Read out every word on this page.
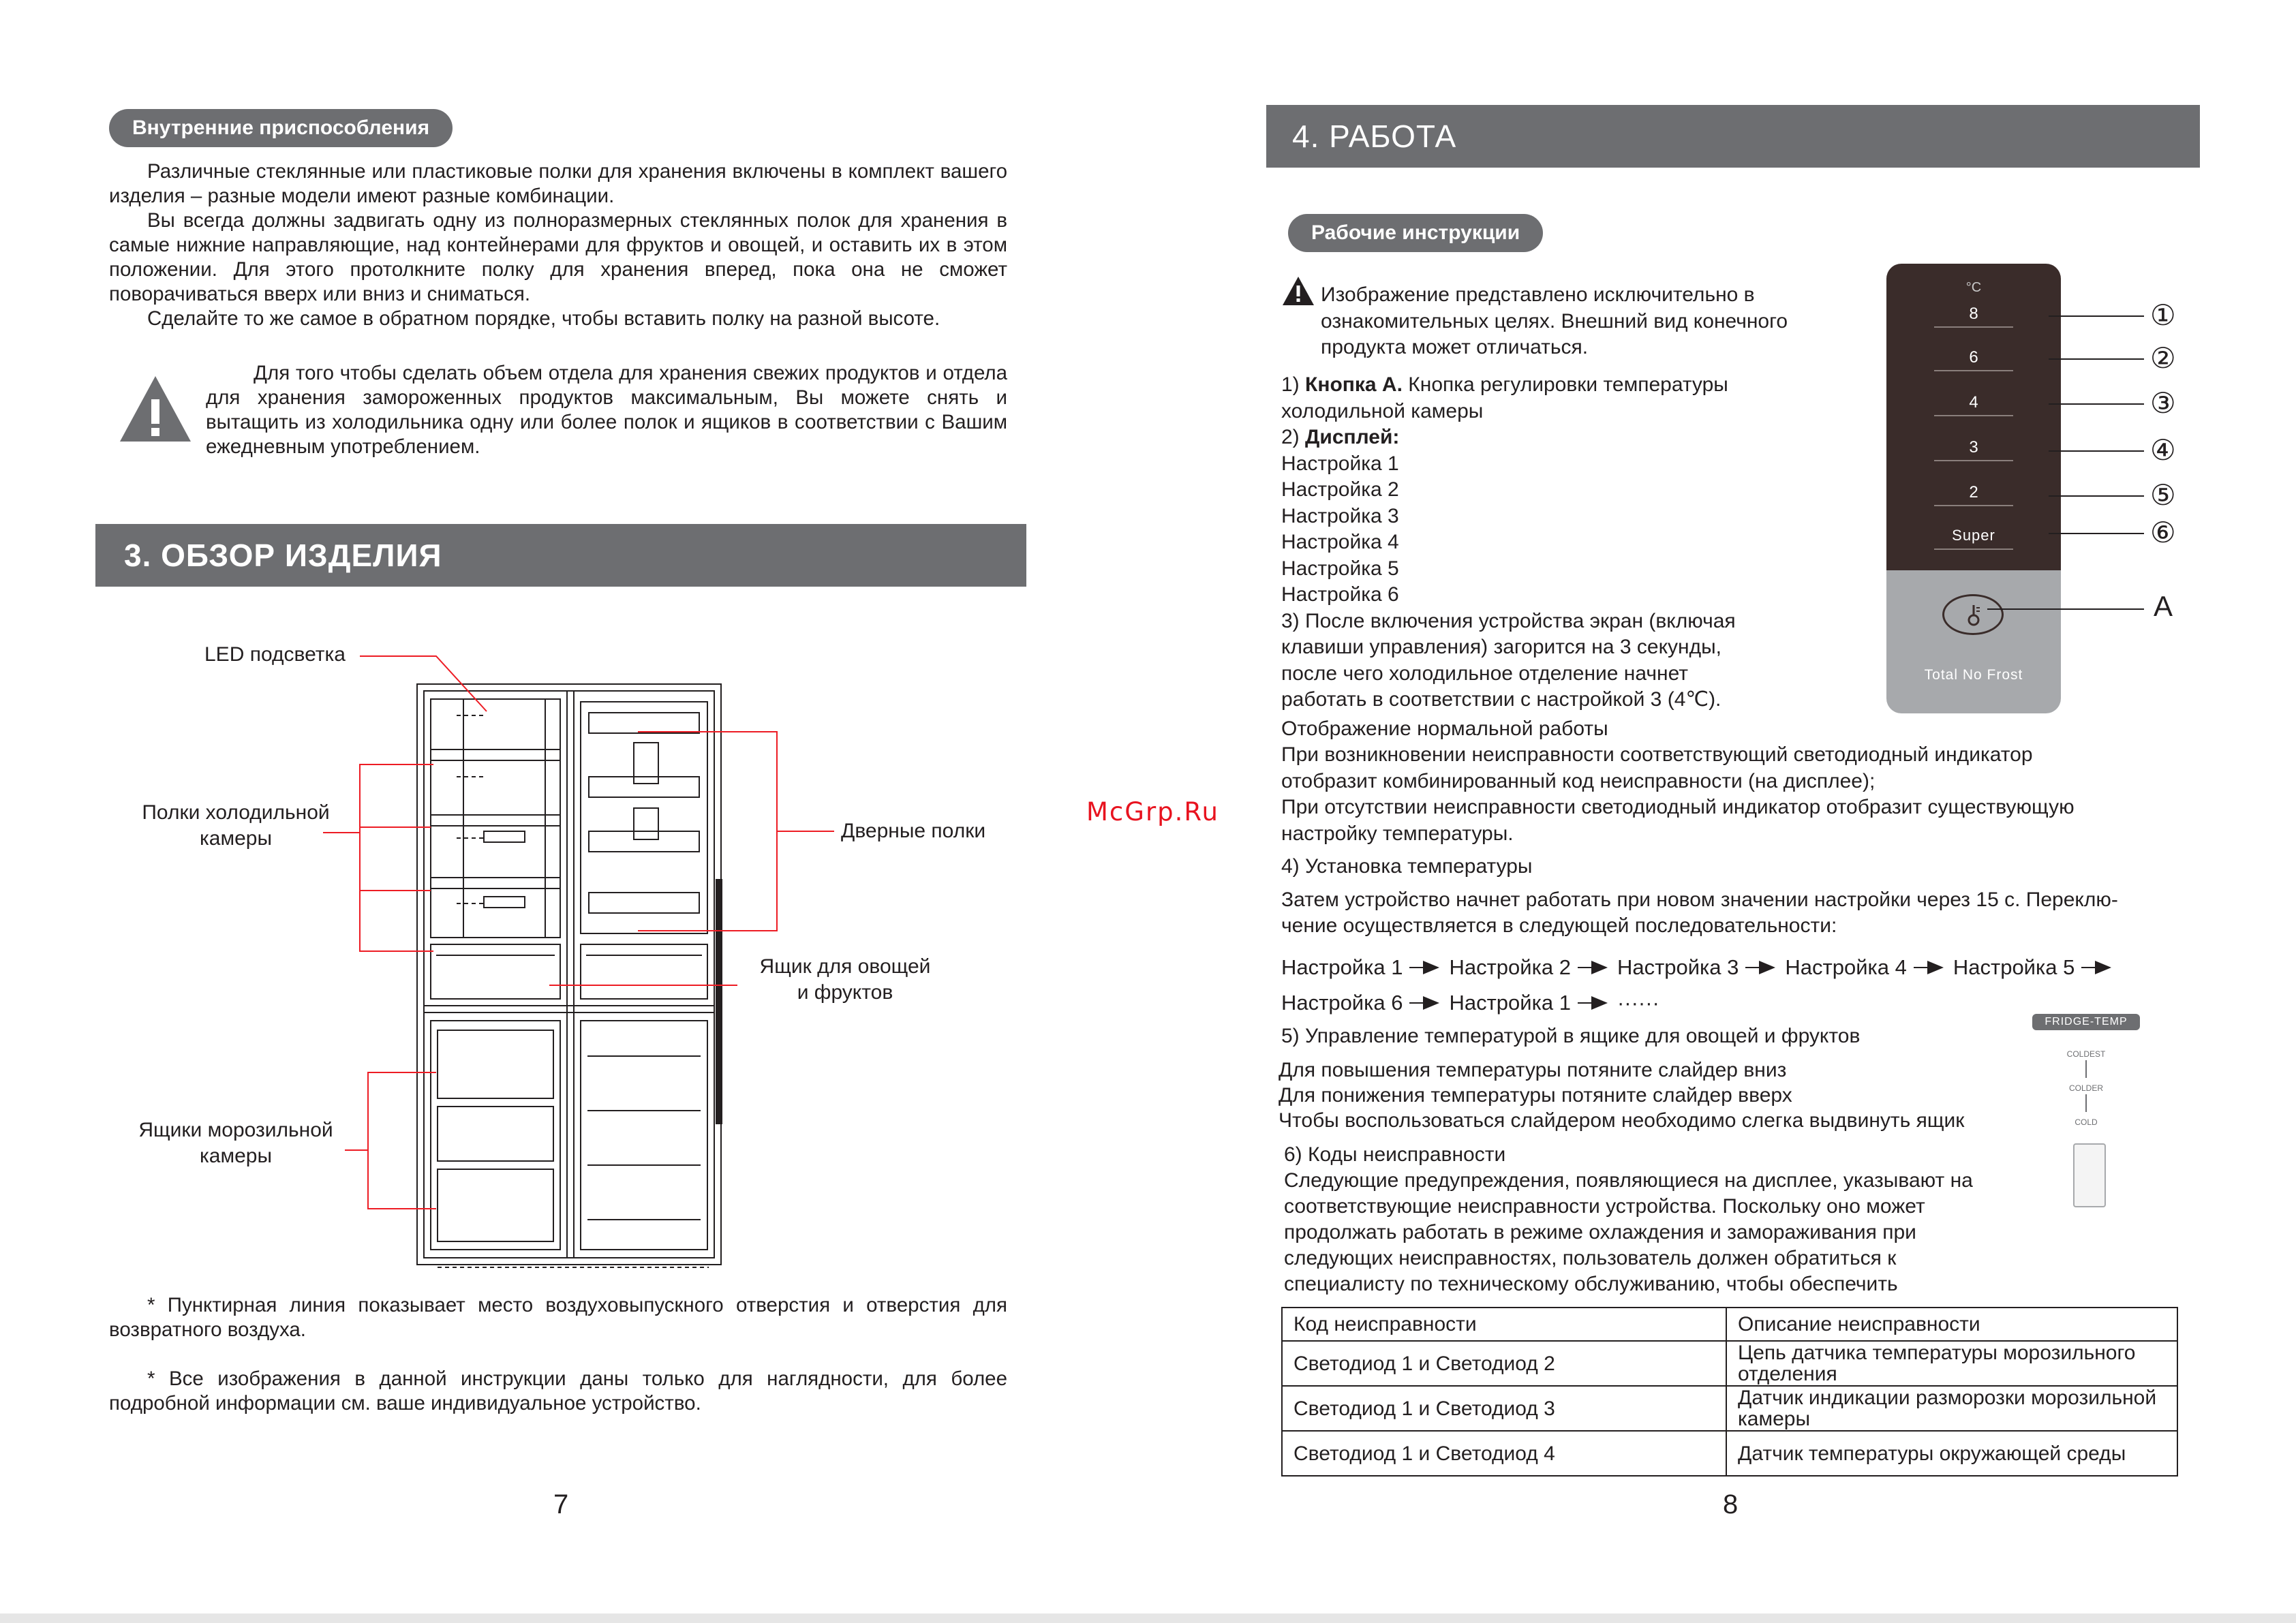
Внутренние приспособления

Различные стеклянные или пластиковые полки для хранения включены в комплект вашего изделия – разные модели имеют разные комбинации.

Вы всегда должны задвигать одну из полноразмерных стеклянных полок для хранения в самые нижние направляющие, над контейнерами для фруктов и овощей, и оставить их в этом положении. Для этого протолкните полку для хранения вперед, пока она не сможет поворачиваться вверх или вниз и сниматься.

Сделайте то же самое в обратном порядке, чтобы вставить полку на разной высоте.

Для того чтобы сделать объем отдела для хранения свежих продуктов и отдела для хранения замороженных продуктов максимальным, Вы можете снять и вытащить из холодильника одну или более полок и ящиков в соответствии с Вашим ежедневным употреблением.
3. ОБЗОР ИЗДЕЛИЯ
LED подсветка
Полки холодильной
камеры	Дверные полки
Ящик для овощей
и фруктов
Ящики морозильной
камеры
* Пунктирная линия показывает место воздуховыпускного отверстия и отверстия для возвратного воздуха.
* Все изображения в данной инструкции даны только для наглядности, для более подробной информации см. ваше индивидуальное устройство.
7
McGrp.Ru
4. РАБОТА
Рабочие инструкции
Изображение представлено исключительно в
ознакомительных целях. Внешний вид конечного
продукта может отличаться.
1) Кнопка А. Кнопка регулировки температуры
холодильной камеры
2) Дисплей:
Настройка 1
Настройка 2
Настройка 3
Настройка 4
Настройка 5
Настройка 6
3) После включения устройства экран (включая
клавиши управления) загорится на 3 секунды,
после чего холодильное отделение начнет
работать в соответствии с настройкой 3 (4℃).
Отображение нормальной работы
При возникновении неисправности соответствующий светодиодный индикатор
отобразит комбинированный код неисправности (на дисплее);
При отсутствии неисправности светодиодный индикатор отобразит существующую
настройку температуры.
4) Установка температуры
Затем устройство начнет работать при новом значении настройки через 15 с. Переклю-
чение осуществляется в следующей последовательности:
Настройка 1 Настройка 2 Настройка 3 Настройка 4 Настройка 5
Настройка 6 Настройка 1 ······
5) Управление температурой в ящике для овощей и фруктов
Для повышения температуры потяните слайдер вниз
Для понижения температуры потяните слайдер вверх
Чтобы воспользоваться слайдером необходимо слегка выдвинуть ящик
6) Коды неисправности
Следующие предупреждения, появляющиеся на дисплее, указывают на
соответствующие неисправности устройства. Поскольку оно может
продолжать работать в режиме охлаждения и замораживания при
следующих неисправностях, пользователь должен обратиться к
специалисту по техническому обслуживанию, чтобы обеспечить
FRIDGE-TEMP
COLDEST
COLDER
COLD
°C
8
6
4
3
2
Super
Total No Frost
①
②
③
④
⑤
⑥
A
Код неисправности	Описание неисправности
Светодиод 1 и Светодиод 2	Цепь датчика температуры морозильного отделения
Светодиод 1 и Светодиод 3	Датчик индикации разморозки морозильной камеры
Светодиод 1 и Светодиод 4	Датчик температуры окружающей среды
8
